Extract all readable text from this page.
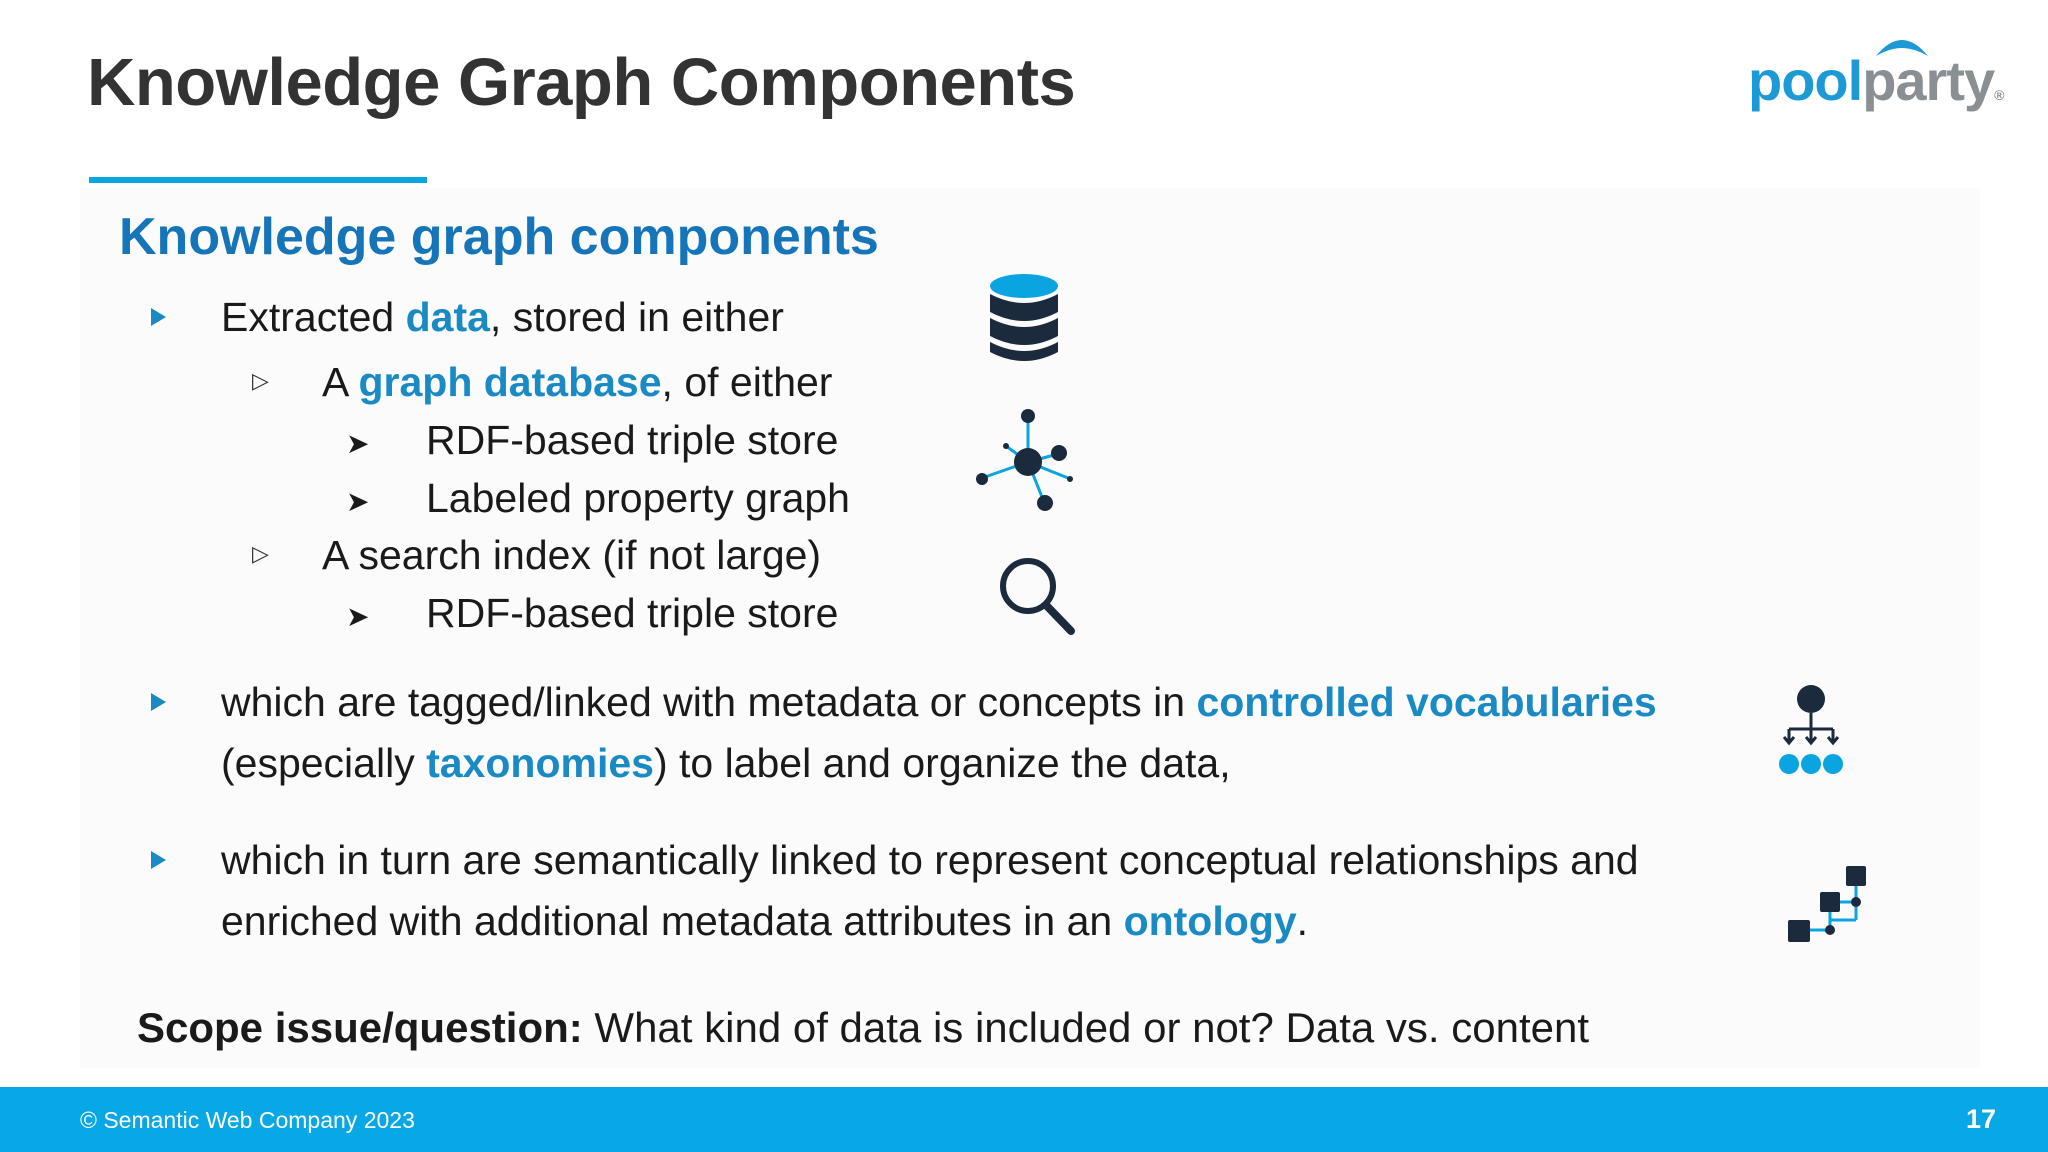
Knowledge Graph Components	poolparty®
Knowledge graph components
Extracted data, stored in either
▷ A graph database, of either
➤ RDF-based triple store
➤ Labeled property graph
▷ A search index (if not large)
➤ RDF-based triple store
which are tagged/linked with metadata or concepts in controlled vocabularies
(especially taxonomies) to label and organize the data,
which in turn are semantically linked to represent conceptual relationships and
enriched with additional metadata attributes in an ontology.
Scope issue/question: What kind of data is included or not? Data vs. content
© Semantic Web Company 2023	17
